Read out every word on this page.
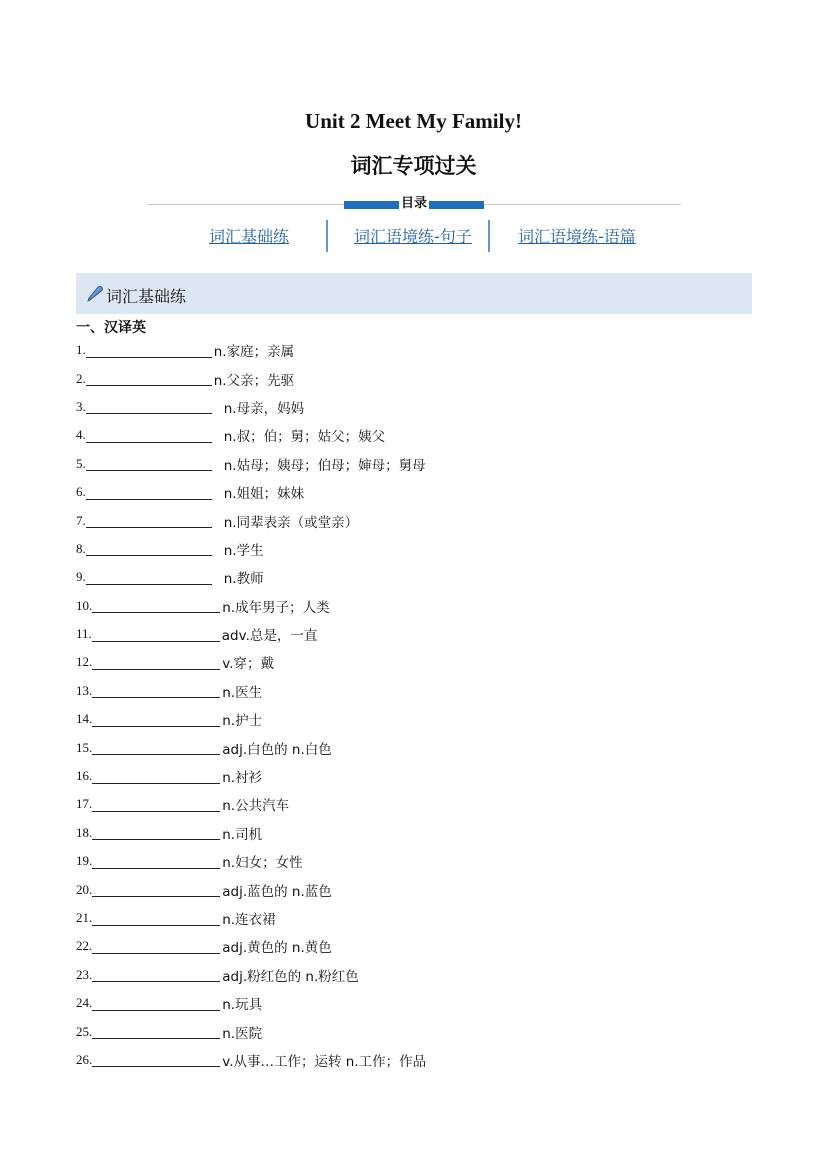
Unit 2 Meet My Family!
词汇专项过关
目录
词汇基础练	词汇语境练-句子	词汇语境练-语篇
词汇基础练
一、汉译英
1.	n.家庭；亲属
2.	n.父亲；先驱
3.	n.母亲，妈妈
4.	n.叔；伯；舅；姑父；姨父
5.	n.姑母；姨母；伯母；婶母；舅母
6.	n.姐姐；妹妹
7.	n.同辈表亲（或堂亲）
8.	n.学生
9.	n.教师
10.	n.成年男子；人类
11.	adv.总是，一直
12.	v.穿；戴
13.	n.医生
14.	n.护士
15.	adj.白色的 n.白色
16.	n.衬衫
17.	n.公共汽车
18.	n.司机
19.	n.妇女；女性
20.	adj.蓝色的 n.蓝色
21.	n.连衣裙
22.	adj.黄色的 n.黄色
23.	adj.粉红色的 n.粉红色
24.	n.玩具
25.	n.医院
26.	v.从事…工作；运转 n.工作；作品
